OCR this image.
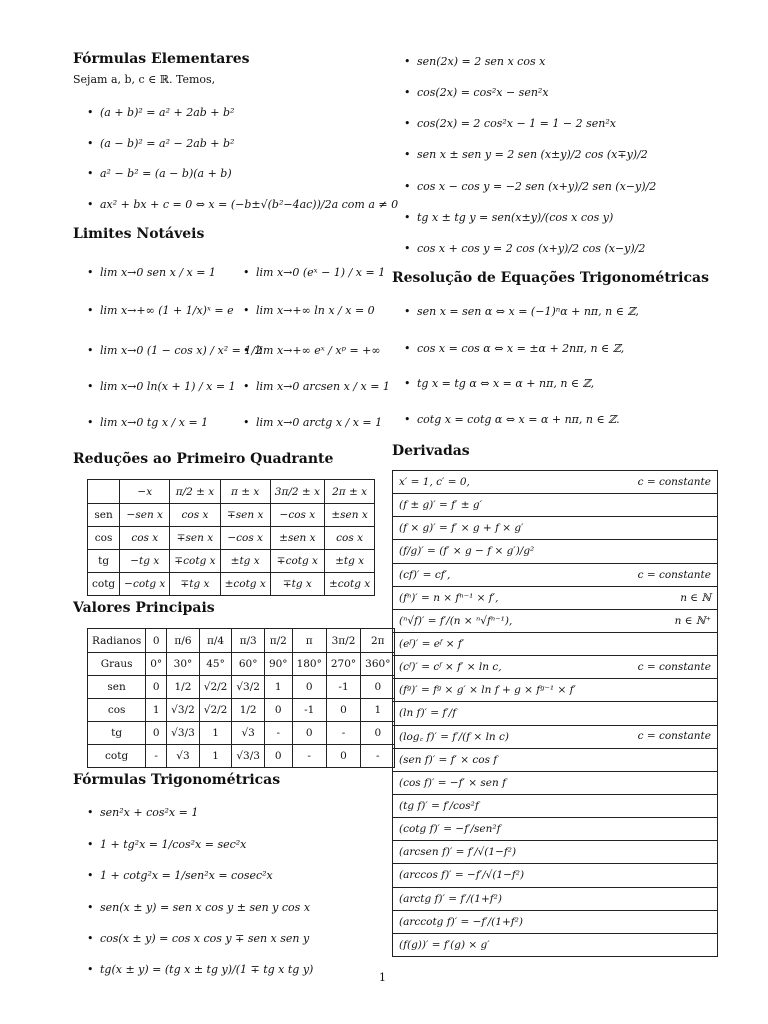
Fórmulas Elementares
Sejam a, b, c ∈ ℝ. Temos,
• (a + b)² = a² + 2ab + b²
• (a − b)² = a² − 2ab + b²
• a² − b² = (a − b)(a + b)
• ax² + bx + c = 0 ⇔ x = (−b±√(b²−4ac))/2a com a ≠ 0
Limites Notáveis
• lim x→0 sen x / x = 1
• lim x→+∞ (1 + 1/x)ˣ = e
• lim x→0 (1 − cos x) / x² = 1/2
• lim x→0 ln(x + 1) / x = 1
• lim x→0 tg x / x = 1
• lim x→0 (eˣ − 1) / x = 1
• lim x→+∞ ln x / x = 0
• lim x→+∞ eˣ / xᵖ = +∞
• lim x→0 arcsen x / x = 1
• lim x→0 arctg x / x = 1
Reduções ao Primeiro Quadrante
	−x	π/2 ± x	π ± x	3π/2 ± x	2π ± x
sen	−sen x	cos x	∓sen x	−cos x	±sen x
cos	cos x	∓sen x	−cos x	±sen x	cos x
tg	−tg x	∓cotg x	±tg x	∓cotg x	±tg x
cotg	−cotg x	∓tg x	±cotg x	∓tg x	±cotg x
Valores Principais
Radianos	0	π/6	π/4	π/3	π/2	π	3π/2	2π
Graus	0°	30°	45°	60°	90°	180°	270°	360°
sen	0	1/2	√2/2	√3/2	1	0	-1	0
cos	1	√3/2	√2/2	1/2	0	-1	0	1
tg	0	√3/3	1	√3	-	0	-	0
cotg	-	√3	1	√3/3	0	-	0	-
Fórmulas Trigonométricas
• sen²x + cos²x = 1
• 1 + tg²x = 1/cos²x = sec²x
• 1 + cotg²x = 1/sen²x = cosec²x
• sen(x ± y) = sen x cos y ± sen y cos x
• cos(x ± y) = cos x cos y ∓ sen x sen y
• tg(x ± y) = (tg x ± tg y)/(1 ∓ tg x tg y)
• sen(2x) = 2 sen x cos x
• cos(2x) = cos²x − sen²x
• cos(2x) = 2 cos²x − 1 = 1 − 2 sen²x
• sen x ± sen y = 2 sen (x±y)/2 cos (x∓y)/2
• cos x − cos y = −2 sen (x+y)/2 sen (x−y)/2
• tg x ± tg y = sen(x±y)/(cos x cos y)
• cos x + cos y = 2 cos (x+y)/2 cos (x−y)/2
Resolução de Equações Trigonométricas
• sen x = sen α ⇔ x = (−1)ⁿα + nπ, n ∈ ℤ,
• cos x = cos α ⇔ x = ±α + 2nπ, n ∈ ℤ,
• tg x = tg α ⇔ x = α + nπ, n ∈ ℤ,
• cotg x = cotg α ⇔ x = α + nπ, n ∈ ℤ.
Derivadas
x′ = 1, c′ = 0,	c = constante

(f ± g)′ = f′ ± g′

(f × g)′ = f′ × g + f × g′

(f/g)′ = (f′ × g − f × g′)/g²

(cf)′ = cf′,	c = constante

(fⁿ)′ = n × fⁿ⁻¹ × f′,	n ∈ ℕ

(ⁿ√f)′ = f′/(n × ⁿ√fⁿ⁻¹),	n ∈ ℕ⁺

(eᶠ)′ = eᶠ × f′

(cᶠ)′ = cᶠ × f′ × ln c,	c = constante

(fᵍ)′ = fᵍ × g′ × ln f + g × fᵍ⁻¹ × f′

(ln f)′ = f′/f

(log꜀ f)′ = f′/(f × ln c)	c = constante

(sen f)′ = f′ × cos f

(cos f)′ = −f′ × sen f

(tg f)′ = f′/cos²f

(cotg f)′ = −f′/sen²f

(arcsen f)′ = f′/√(1−f²)

(arccos f)′ = −f′/√(1−f²)

(arctg f)′ = f′/(1+f²)

(arccotg f)′ = −f′/(1+f²)

(f(g))′ = f′(g) × g′
1
